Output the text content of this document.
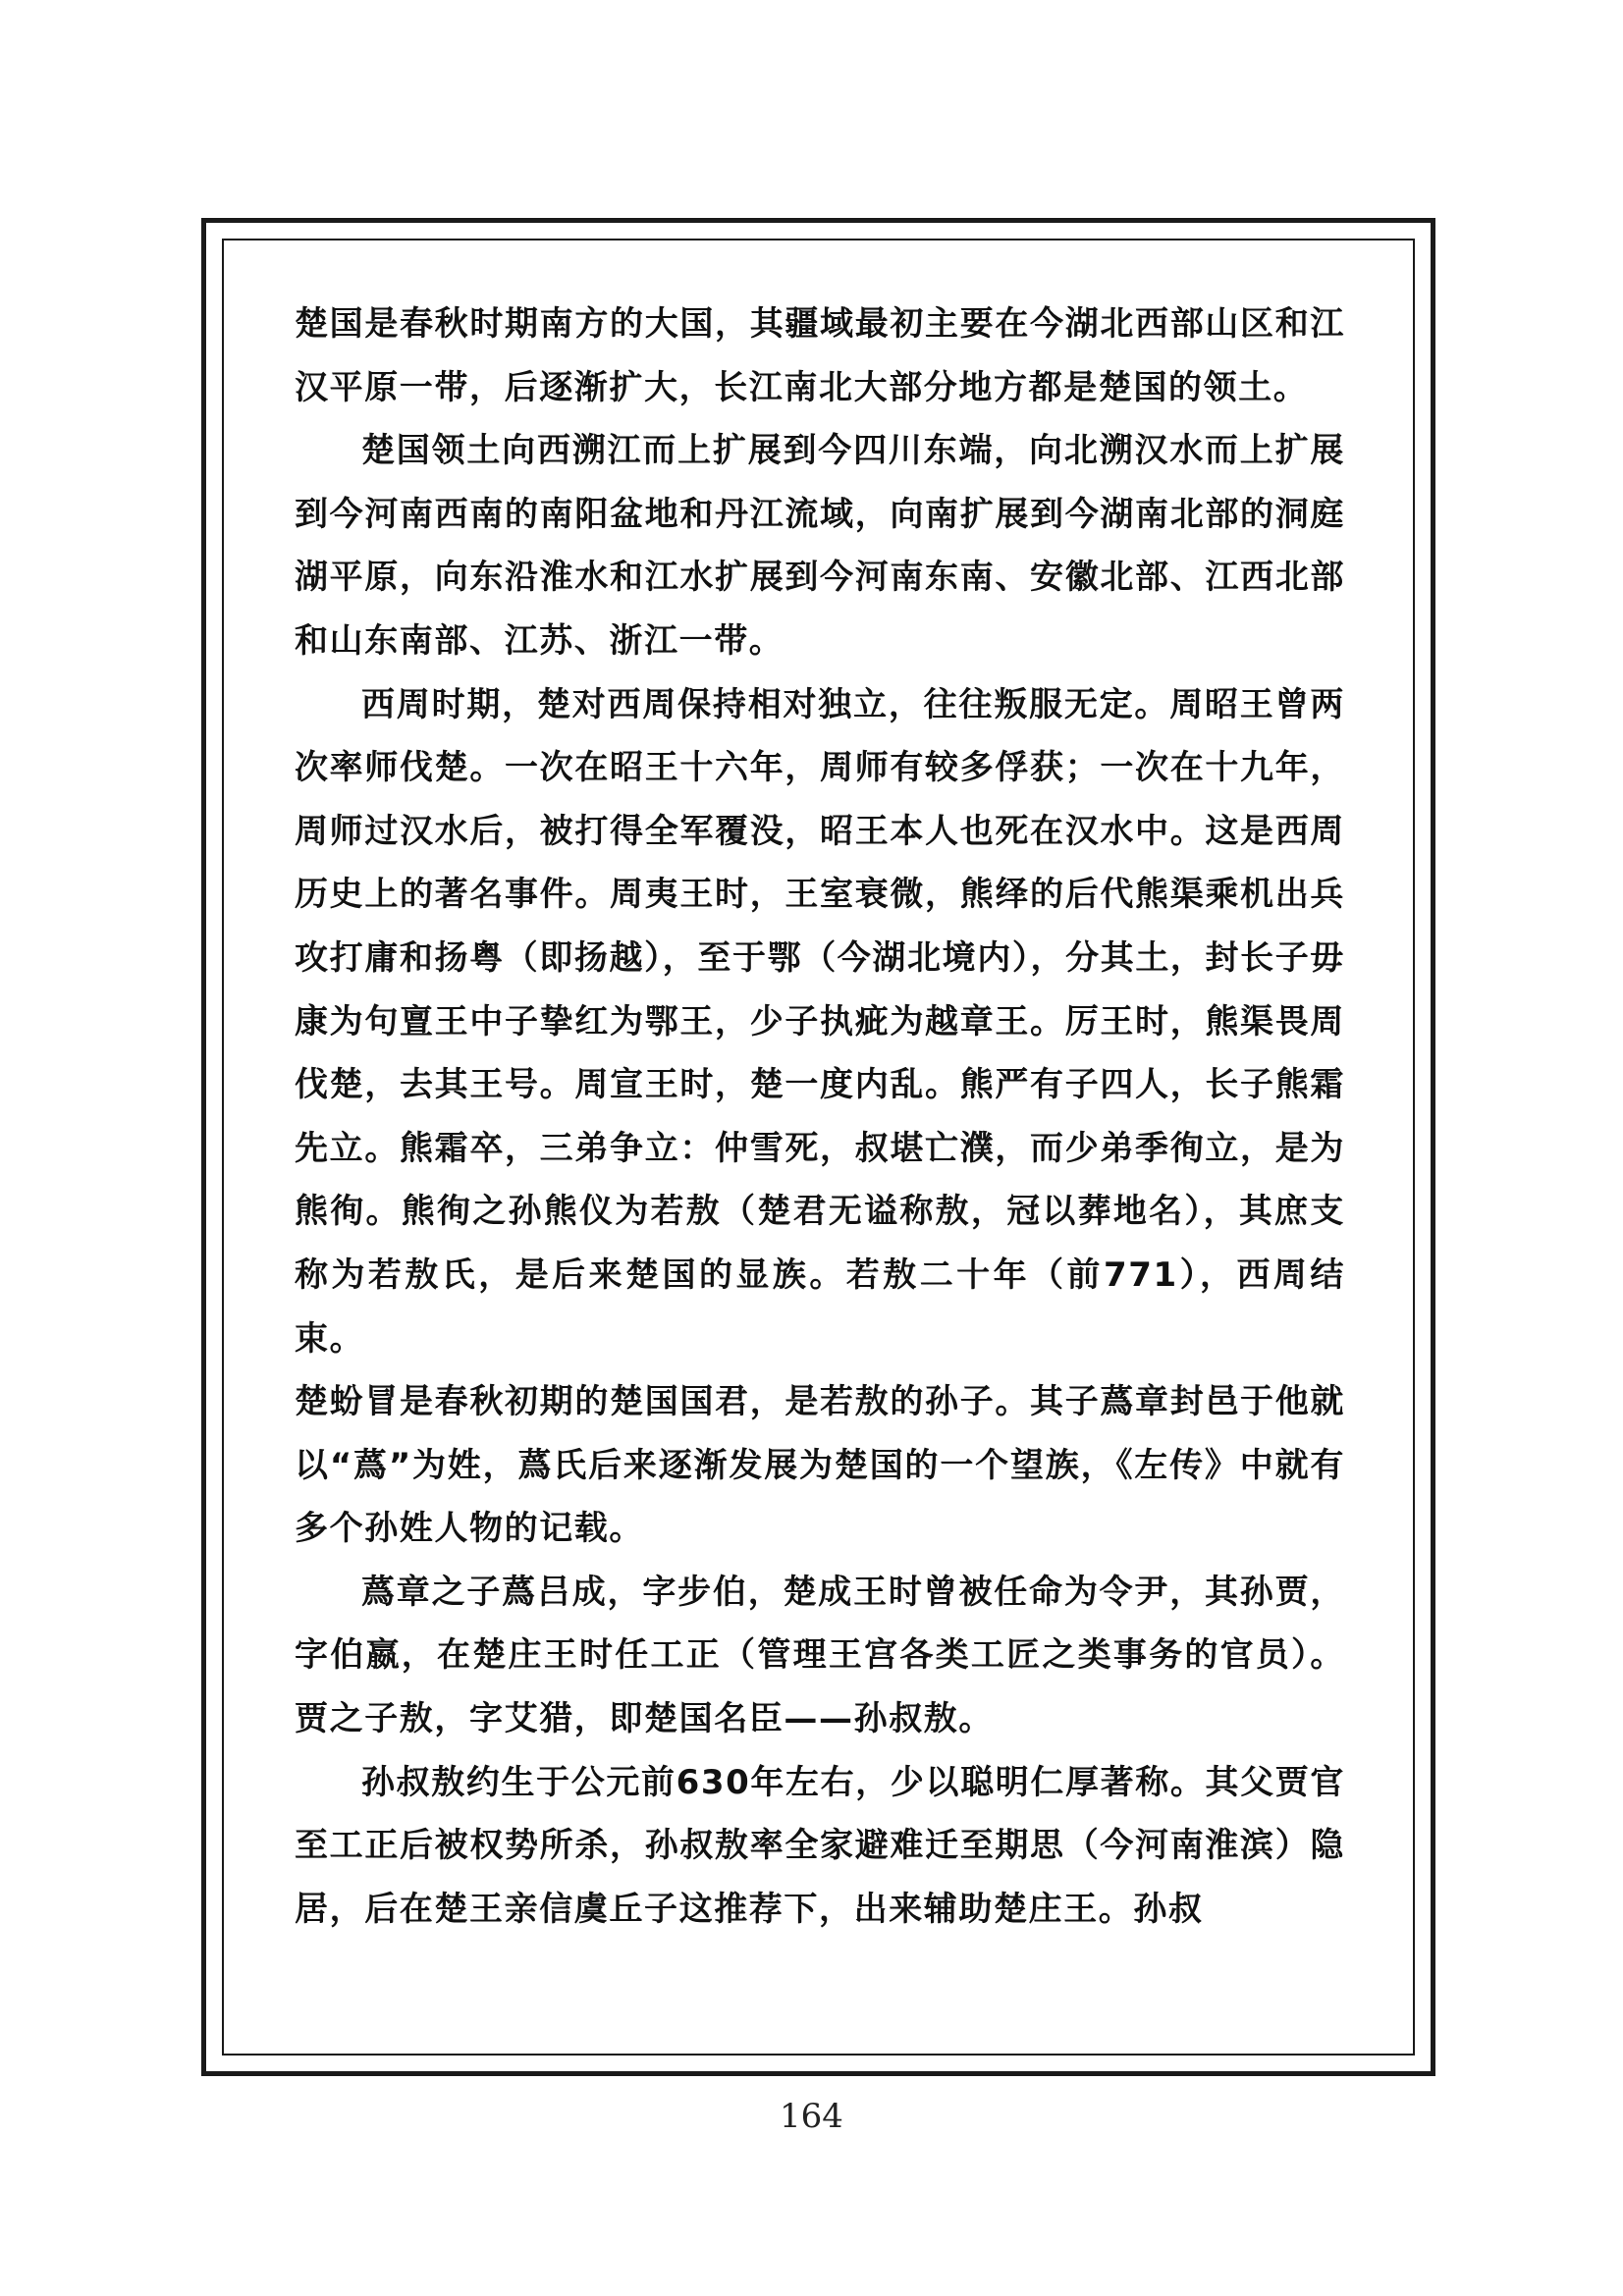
楚国是春秋时期南方的大国，其疆域最初主要在今湖北西部山区和江汉平原一带，后逐渐扩大，长江南北大部分地方都是楚国的领土。

楚国领土向西溯江而上扩展到今四川东端，向北溯汉水而上扩展到今河南西南的南阳盆地和丹江流域，向南扩展到今湖南北部的洞庭湖平原，向东沿淮水和江水扩展到今河南东南、安徽北部、江西北部和山东南部、江苏、浙江一带。

西周时期，楚对西周保持相对独立，往往叛服无定。周昭王曾两次率师伐楚。一次在昭王十六年，周师有较多俘获；一次在十九年，周师过汉水后，被打得全军覆没，昭王本人也死在汉水中。这是西周历史上的著名事件。周夷王时，王室衰微，熊绎的后代熊渠乘机出兵攻打庸和扬粤（即扬越），至于鄂（今湖北境内），分其土，封长子毋康为句亶王中子挚红为鄂王，少子执疵为越章王。厉王时，熊渠畏周伐楚，去其王号。周宣王时，楚一度内乱。熊严有子四人，长子熊霜先立。熊霜卒，三弟争立：仲雪死，叔堪亡濮，而少弟季徇立，是为熊徇。熊徇之孙熊仪为若敖（楚君无谥称敖，冠以葬地名），其庶支称为若敖氏，是后来楚国的显族。若敖二十年（前771），西周结束。

楚蚡冒是春秋初期的楚国国君，是若敖的孙子。其子蔿章封邑于他就以“蔿”为姓，蔿氏后来逐渐发展为楚国的一个望族，《左传》中就有多个孙姓人物的记载。

蔿章之子蔿吕成，字步伯，楚成王时曾被任命为令尹，其孙贾，字伯嬴，在楚庄王时任工正（管理王宫各类工匠之类事务的官员）。贾之子敖，字艾猎，即楚国名臣——孙叔敖。

孙叔敖约生于公元前630年左右，少以聪明仁厚著称。其父贾官至工正后被权势所杀，孙叔敖率全家避难迁至期思（今河南淮滨）隐居，后在楚王亲信虞丘子这推荐下，出来辅助楚庄王。孙叔

164
